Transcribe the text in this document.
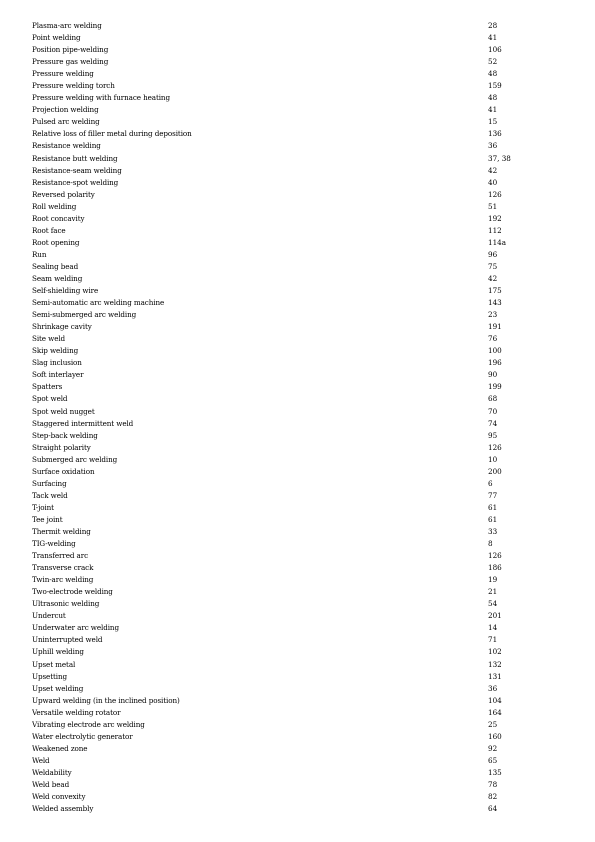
Plasma-arc welding	28
Point welding	41
Position pipe-welding	106
Pressure gas welding	52
Pressure welding	48
Pressure welding torch	159
Pressure welding with furnace heating	48
Projection welding	41
Pulsed arc welding	15
Relative loss of filler metal during deposition	136
Resistance welding	36
Resistance butt welding	37, 38
Resistance-seam welding	42
Resistance-spot welding	40
Reversed polarity	126
Roll welding	51
Root concavity	192
Root face	112
Root opening	114a
Run	96
Sealing bead	75
Seam welding	42
Self-shielding wire	175
Semi-automatic arc welding machine	143
Semi-submerged arc welding	23
Shrinkage cavity	191
Site weld	76
Skip welding	100
Slag inclusion	196
Soft interlayer	90
Spatters	199
Spot weld	68
Spot weld nugget	70
Staggered intermittent weld	74
Step-back welding	95
Straight polarity	126
Submerged arc welding	10
Surface oxidation	200
Surfacing	6
Tack weld	77
T-joint	61
Tee joint	61
Thermit welding	33
TIG-welding	8
Transferred arc	126
Transverse crack	186
Twin-arc welding	19
Two-electrode welding	21
Ultrasonic welding	54
Undercut	201
Underwater arc welding	14
Uninterrupted weld	71
Uphill welding	102
Upset metal	132
Upsetting	131
Upset welding	36
Upward welding (in the inclined position)	104
Versatile welding rotator	164
Vibrating electrode arc welding	25
Water electrolytic generator	160
Weakened zone	92
Weld	65
Weldability	135
Weld bead	78
Weld convexity	82
Welded assembly	64
